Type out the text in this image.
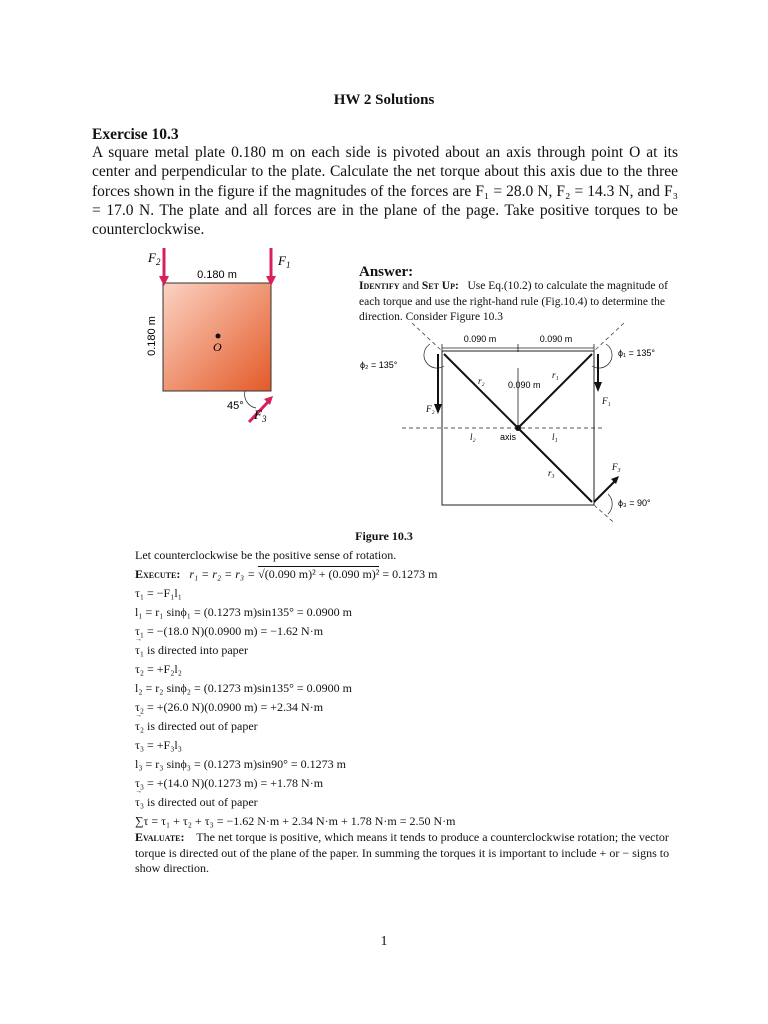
HW 2 Solutions
Exercise 10.3
A square metal plate 0.180 m on each side is pivoted about an axis through point O at its center and perpendicular to the plate. Calculate the net torque about this axis due to the three forces shown in the figure if the magnitudes of the forces are F₁ = 28.0 N, F₂ = 14.3 N, and F₃ = 17.0 N. The plate and all forces are in the plane of the page. Take positive torques to be counterclockwise.
$F_2$	$F_1$
$F_3$
0.180 m
0.180 m	O
45°
Answer:
Identify and Set Up: Use Eq.(10.2) to calculate the magnitude of each torque and use the right-hand rule (Fig.10.4) to determine the direction. Consider Figure 10.3
0.090 m	0.090 m
0.090 m
ϕ₂ = 135°
ϕ₁ = 135°
ϕ₃ = 90°
r₂
r₁
r₃
F₂
F₁
F₃
l₂	l₁
axis
Figure 10.3
Let counterclockwise be the positive sense of rotation.
Execute: r₁ = r₂ = r₃ = √(0.090 m)² + (0.090 m)² = 0.1273 m
τ₁ = −F₁l₁
l₁ = r₁ sinϕ₁ = (0.1273 m)sin135° = 0.0900 m
τ₁ = −(18.0 N)(0.0900 m) = −1.62 N·m
→ τ₁ is directed into paper
τ₂ = +F₂l₂
l₂ = r₂ sinϕ₂ = (0.1273 m)sin135° = 0.0900 m
τ₂ = +(26.0 N)(0.0900 m) = +2.34 N·m
→ τ₂ is directed out of paper
τ₃ = +F₃l₃
l₃ = r₃ sinϕ₃ = (0.1273 m)sin90° = 0.1273 m
τ₃ = +(14.0 N)(0.1273 m) = +1.78 N·m
→ τ₃ is directed out of paper
∑τ = τ₁ + τ₂ + τ₃ = −1.62 N·m + 2.34 N·m + 1.78 N·m = 2.50 N·m
Evaluate: The net torque is positive, which means it tends to produce a counterclockwise rotation; the vector torque is directed out of the plane of the paper. In summing the torques it is important to include + or − signs to show direction.
1
